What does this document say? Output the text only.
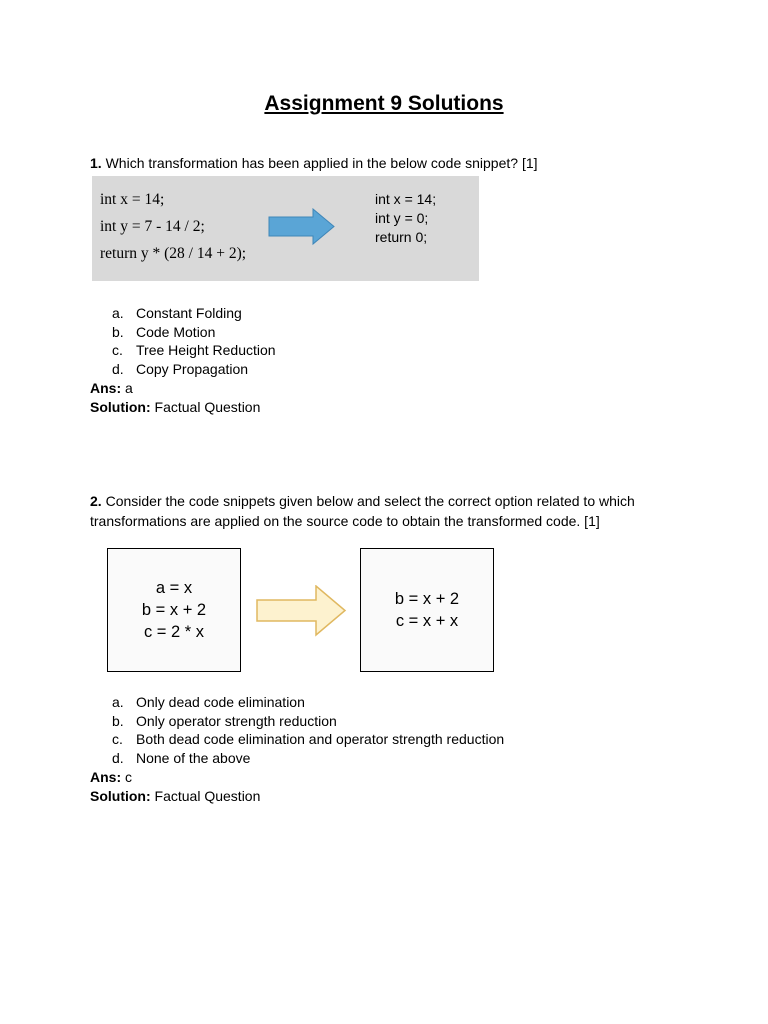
Assignment 9 Solutions
1. Which transformation has been applied in the below code snippet? [1]
int x = 14;
int y = 7 - 14 / 2;
return y * (28 / 14 + 2);
int x = 14;
int y = 0;
return 0;
a. Constant Folding
b. Code Motion
c. Tree Height Reduction
d. Copy Propagation
Ans: a
Solution: Factual Question
2. Consider the code snippets given below and select the correct option related to which transformations are applied on the source code to obtain the transformed code. [1]
a = x
b = x + 2
c = 2 * x
b = x + 2
c = x + x
a. Only dead code elimination
b. Only operator strength reduction
c. Both dead code elimination and operator strength reduction
d. None of the above
Ans: c
Solution: Factual Question
